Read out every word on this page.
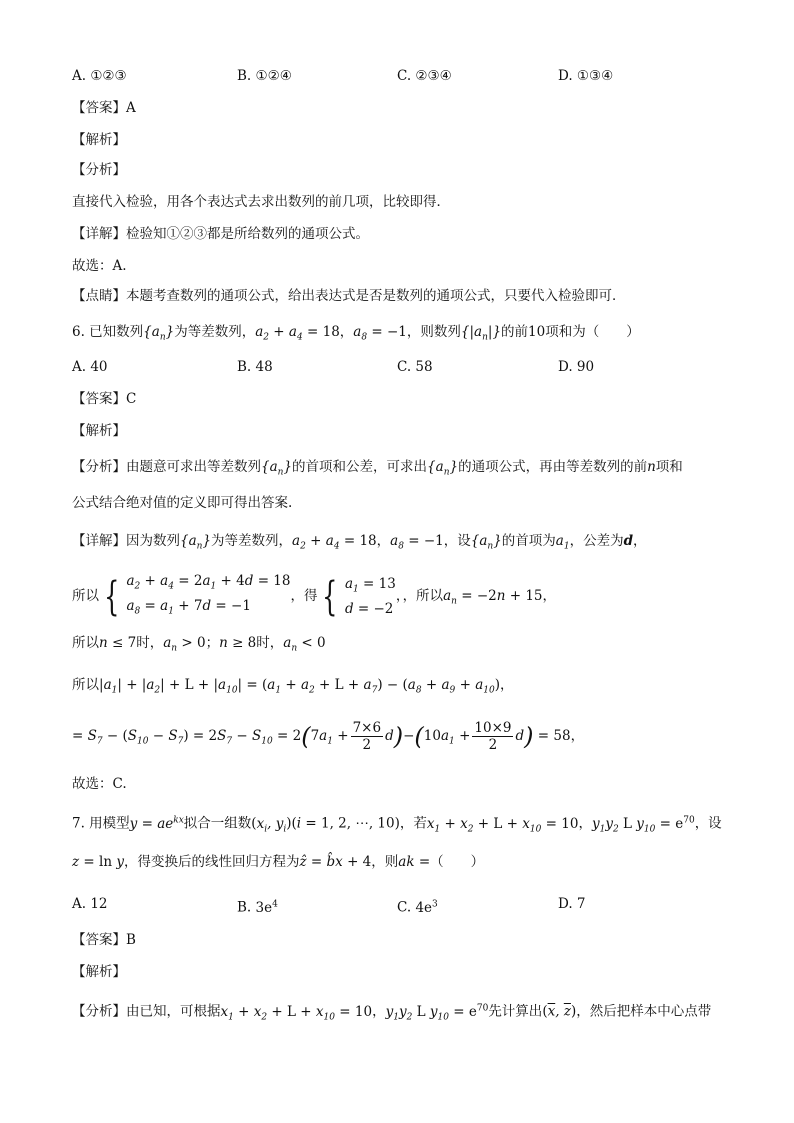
A. ①②③	B. ①②④	C. ②③④	D. ①③④
【答案】A
【解析】
【分析】
直接代入检验，用各个表达式去求出数列的前几项，比较即得．
【详解】检验知①②③都是所给数列的通项公式。
故选：A.
【点睛】本题考查数列的通项公式，给出表达式是否是数列的通项公式，只要代入检验即可．
6. 已知数列$\{a_n\}$为等差数列，$a_2 + a_4 = 18$，$a_8 = -1$，则数列$\{|a_n|\}$的前10项和为（　　）
A. 40	B. 48	C. 58	D. 90
【答案】C
【解析】
【分析】由题意可求出等差数列$\{a_n\}$的首项和公差，可求出$\{a_n\}$的通项公式，再由等差数列的前n项和
公式结合绝对值的定义即可得出答案.
【详解】因为数列$\{a_n\}$为等差数列，$a_2 + a_4 = 18$，$a_8 = -1$，设$\{a_n\}$的首项为$a_1$，公差为d，
所以 { $a_2 + a_4 = 2a_1 + 4d = 18$
$a_8 = a_1 + 7d = -1$
，得 { $a_1 = 13$
d = −2
，，所以$a_n = -2n + 15$，
所以n ≤ 7时，$a_n > 0$；n ≥ 8时，$a_n < 0$
所以$|a_1| + |a_2| + L + |a_{10}| = (a_1 + a_2 + L + a_7) - (a_8 + a_9 + a_{10})$，
= $S_7 - (S_{10} - S_7) = 2S_7 - S_{10} = 2(7a_1 + \frac{7\times 6}{2} d)-(10a_1 + \frac{10\times 9}{2} d) = 58$，
故选：C.
7. 用模型$y = ae^{kx}$拟合一组数($x_i$, $y_i)(i = 1$, 2, ⋯, 10)，若$x_1 + x_2 + L + x_{10} = 10$，$y_1y_2$ L $y_{10} = e^{70}$，设
z = ln y，得变换后的线性回归方程为ẑ = b̂x + 4，则ak =（　　）
A. 12	B. $3e^4$	C. $4e^3$	D. 7
【答案】B
【解析】
【分析】由已知，可根据$x_1 + x_2 + L + x_{10} = 10$，$y_1y_2$ L $y_{10} = e^{70}$先计算出($\overline{x}$, $\overline{z}$)，然后把样本中心点带
